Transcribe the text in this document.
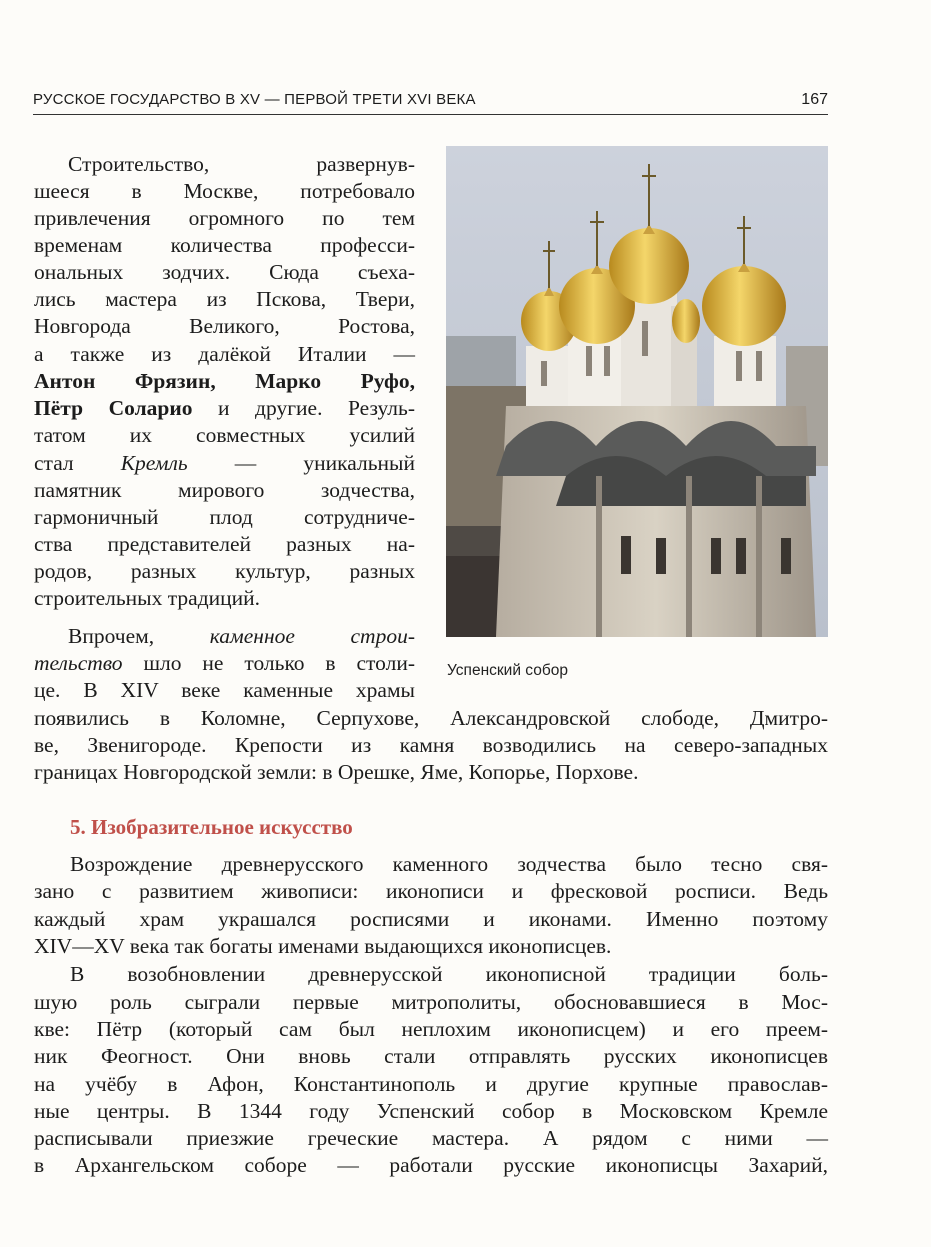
РУССКОЕ ГОСУДАРСТВО В XV — ПЕРВОЙ ТРЕТИ XVI ВЕКА	167
Успенский собор
Строительство, развернув-
шееся в Москве, потребовало
привлечения огромного по тем
временам количества професси-
ональных зодчих. Сюда съеха-
лись мастера из Пскова, Твери,
Новгорода Великого, Ростова,
а также из далёкой Италии —
Антон Фрязин, Марко Руфо,
Пётр Соларио и другие. Резуль-
татом их совместных усилий
стал Кремль — уникальный
памятник мирового зодчества,
гармоничный плод сотрудниче-
ства представителей разных на-
родов, разных культур, разных
строительных традиций.
Впрочем, каменное строи-
тельство шло не только в столи-
це. В XIV веке каменные храмы
появились в Коломне, Серпухове, Александровской слободе, Дмитро-
ве, Звенигороде. Крепости из камня возводились на северо-западных
границах Новгородской земли: в Орешке, Яме, Копорье, Порхове.
5. Изобразительное искусство
Возрождение древнерусского каменного зодчества было тесно свя-
зано с развитием живописи: иконописи и фресковой росписи. Ведь
каждый храм украшался росписями и иконами. Именно поэтому
XIV—XV века так богаты именами выдающихся иконописцев.
В возобновлении древнерусской иконописной традиции боль-
шую роль сыграли первые митрополиты, обосновавшиеся в Мос-
кве: Пётр (который сам был неплохим иконописцем) и его преем-
ник Феогност. Они вновь стали отправлять русских иконописцев
на учёбу в Афон, Константинополь и другие крупные православ-
ные центры. В 1344 году Успенский собор в Московском Кремле
расписывали приезжие греческие мастера. А рядом с ними —
в Архангельском соборе — работали русские иконописцы Захарий,
